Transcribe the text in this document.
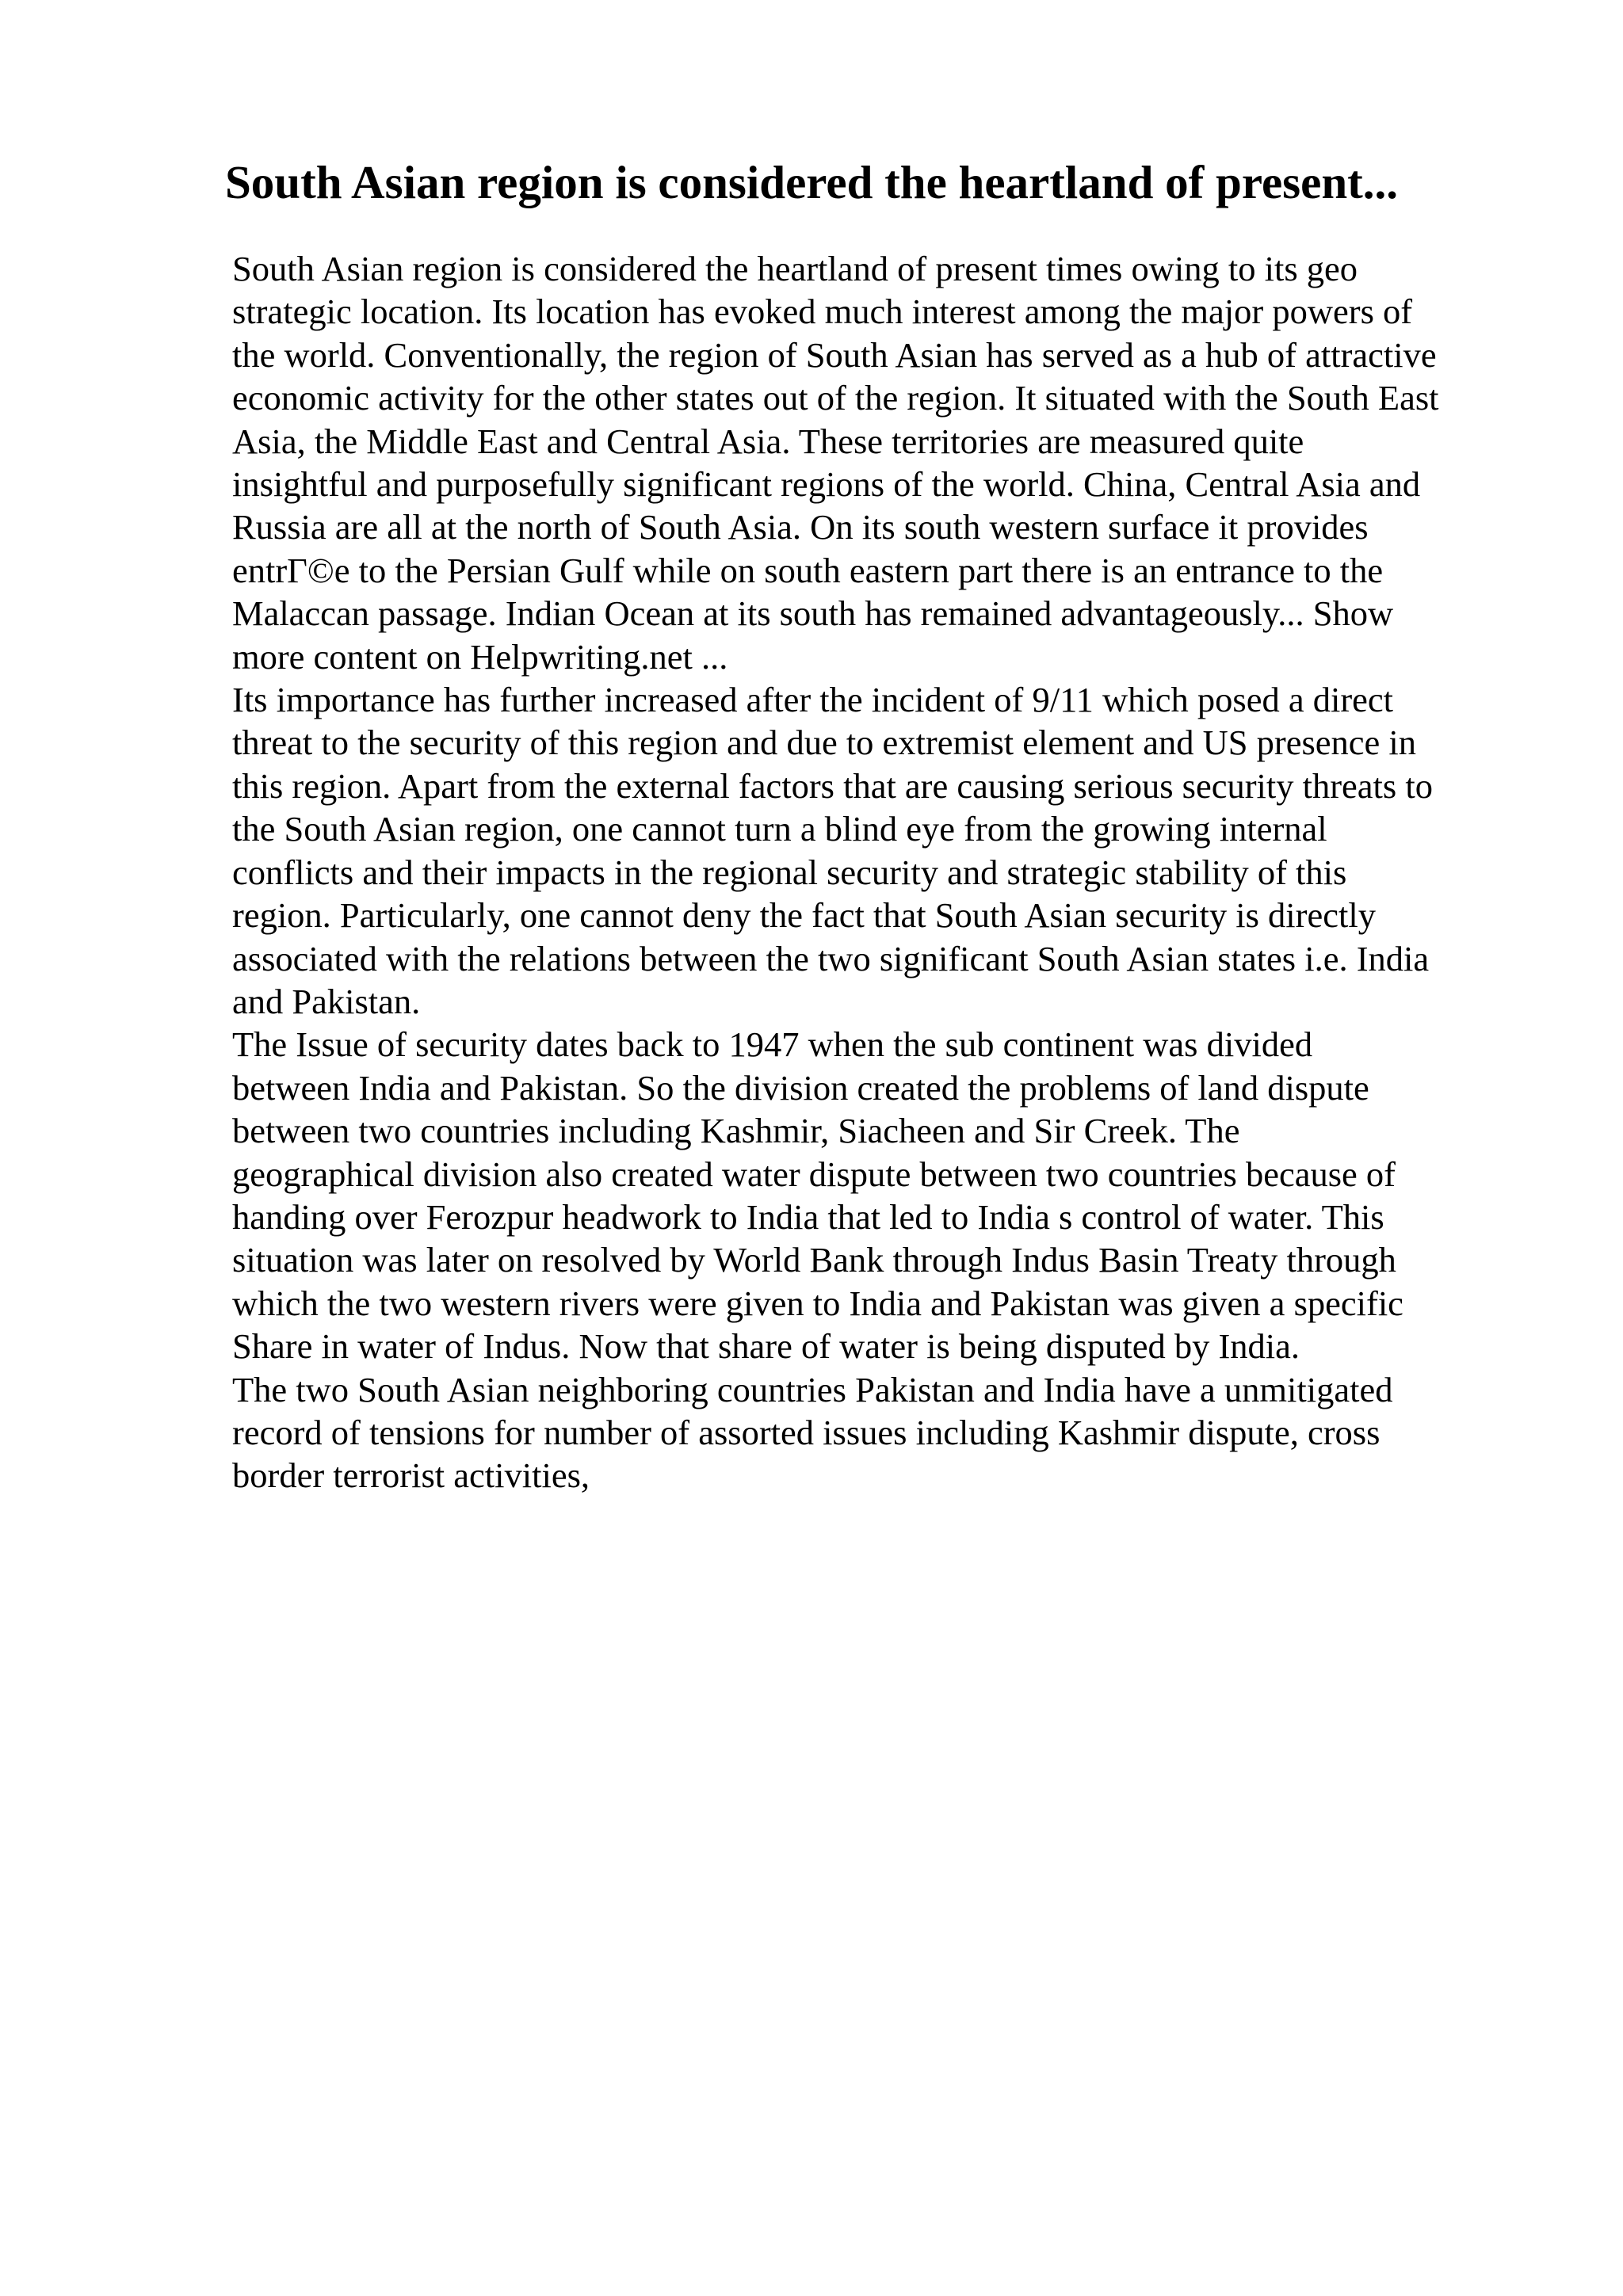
South Asian region is considered the heartland of present...
South Asian region is considered the heartland of present times owing to its geo
strategic location. Its location has evoked much interest among the major powers of
the world. Conventionally, the region of South Asian has served as a hub of attractive
economic activity for the other states out of the region. It situated with the South East
Asia, the Middle East and Central Asia. These territories are measured quite
insightful and purposefully significant regions of the world. China, Central Asia and
Russia are all at the north of South Asia. On its south western surface it provides
entrΓ©e to the Persian Gulf while on south eastern part there is an entrance to the
Malaccan passage. Indian Ocean at its south has remained advantageously... Show
more content on Helpwriting.net ...
Its importance has further increased after the incident of 9/11 which posed a direct
threat to the security of this region and due to extremist element and US presence in
this region. Apart from the external factors that are causing serious security threats to
the South Asian region, one cannot turn a blind eye from the growing internal
conflicts and their impacts in the regional security and strategic stability of this
region. Particularly, one cannot deny the fact that South Asian security is directly
associated with the relations between the two significant South Asian states i.e. India
and Pakistan.
The Issue of security dates back to 1947 when the sub continent was divided
between India and Pakistan. So the division created the problems of land dispute
between two countries including Kashmir, Siacheen and Sir Creek. The
geographical division also created water dispute between two countries because of
handing over Ferozpur headwork to India that led to India s control of water. This
situation was later on resolved by World Bank through Indus Basin Treaty through
which the two western rivers were given to India and Pakistan was given a specific
Share in water of Indus. Now that share of water is being disputed by India.
The two South Asian neighboring countries Pakistan and India have a unmitigated
record of tensions for number of assorted issues including Kashmir dispute, cross
border terrorist activities,
